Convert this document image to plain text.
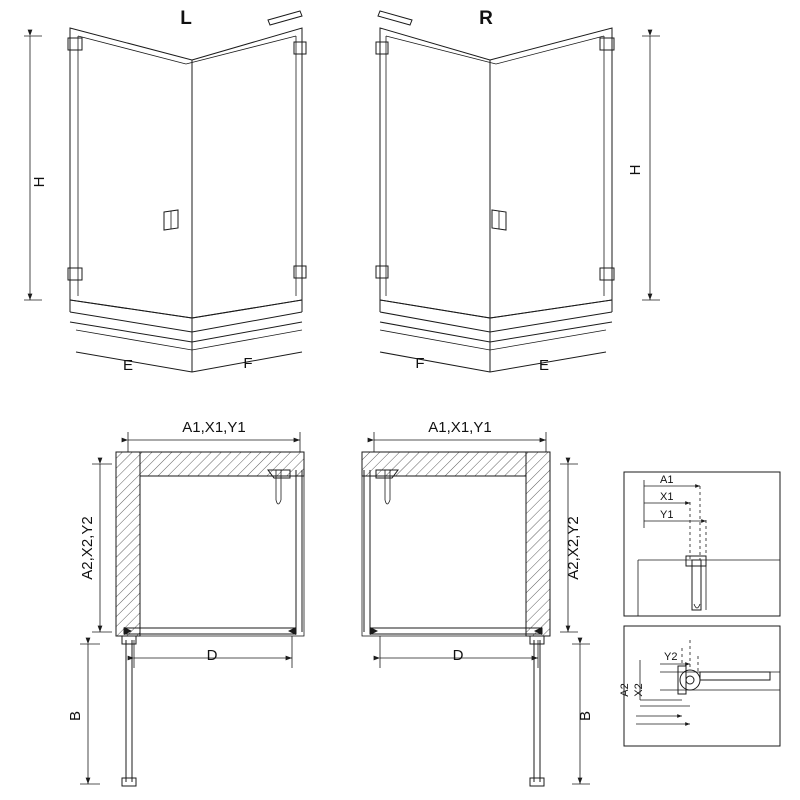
H
L
E	F
H
R
F	E
A1,X1,Y1
A2,X2,Y2
D
B
A1,X1,Y1
A2,X2,Y2
D
B
A1
X1
Y1
A2 X2
Y2
